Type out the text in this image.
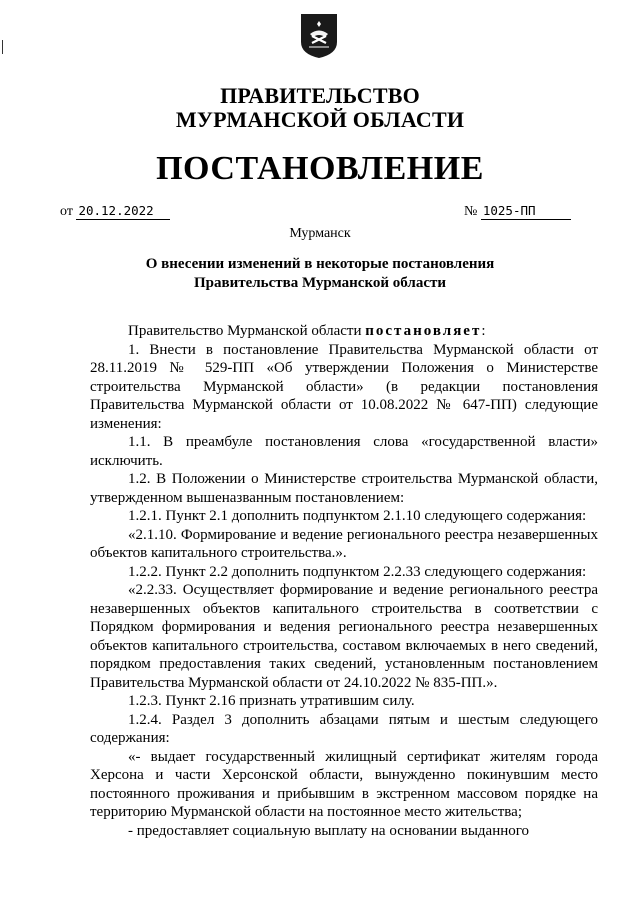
ПРАВИТЕЛЬСТВО
МУРМАНСКОЙ ОБЛАСТИ
ПОСТАНОВЛЕНИЕ
от 20.12.2022	№ 1025-ПП
Мурманск
О внесении изменений в некоторые постановления Правительства Мурманской области

Правительство Мурманской области постановляет:

1. Внести в постановление Правительства Мурманской области от 28.11.2019 № 529-ПП «Об утверждении Положения о Министерстве строительства Мурманской области» (в редакции постановления Правительства Мурманской области от 10.08.2022 № 647-ПП) следующие изменения:

1.1. В преамбуле постановления слова «государственной власти» исключить.

1.2. В Положении о Министерстве строительства Мурманской области, утвержденном вышеназванным постановлением:

1.2.1. Пункт 2.1 дополнить подпунктом 2.1.10 следующего содержания:

«2.1.10. Формирование и ведение регионального реестра незавершенных объектов капитального строительства.».

1.2.2. Пункт 2.2 дополнить подпунктом 2.2.33 следующего содержания:

«2.2.33. Осуществляет формирование и ведение регионального реестра незавершенных объектов капитального строительства в соответствии с Порядком формирования и ведения регионального реестра незавершенных объектов капитального строительства, составом включаемых в него сведений, порядком предоставления таких сведений, установленным постановлением Правительства Мурманской области от 24.10.2022 № 835-ПП.».

1.2.3. Пункт 2.16 признать утратившим силу.

1.2.4. Раздел 3 дополнить абзацами пятым и шестым следующего содержания:

«- выдает государственный жилищный сертификат жителям города Херсона и части Херсонской области, вынужденно покинувшим место постоянного проживания и прибывшим в экстренном массовом порядке на территорию Мурманской области на постоянное место жительства;

- предоставляет социальную выплату на основании выданного
